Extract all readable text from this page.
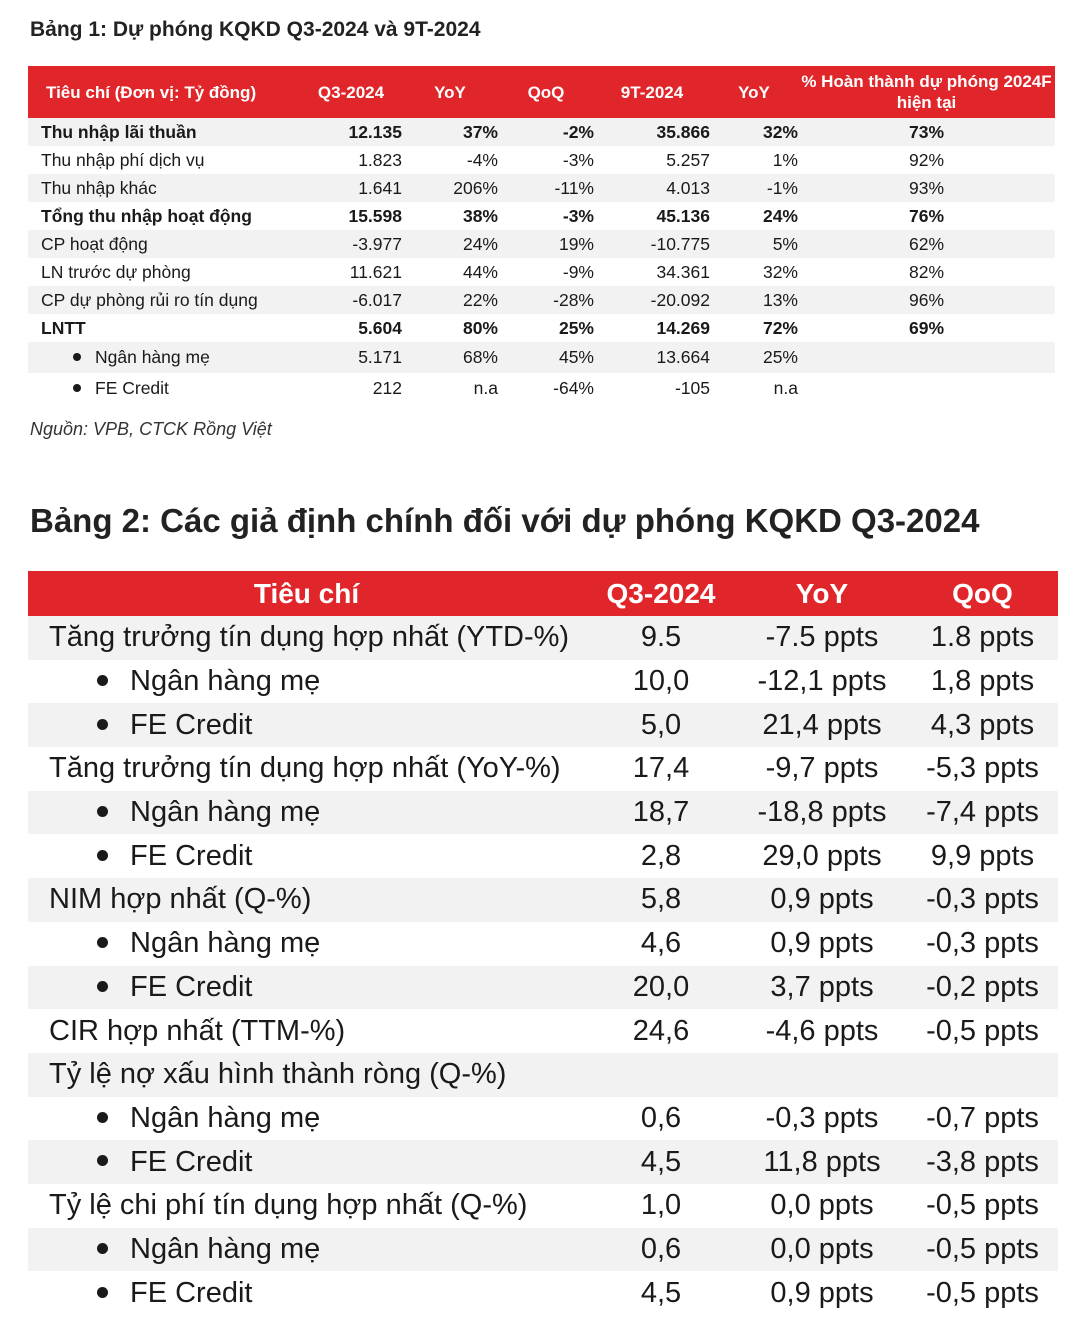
Bảng 1: Dự phóng KQKD Q3-2024 và 9T-2024
Tiêu chí (Đơn vị: Tỷ đồng)	Q3-2024	YoY	QoQ	9T-2024	YoY	% Hoàn thành dự phóng 2024F hiện tại
Thu nhập lãi thuần	12.135	37%	-2%	35.866	32%	73%
Thu nhập phí dịch vụ	1.823	-4%	-3%	5.257	1%	92%
Thu nhập khác	1.641	206%	-11%	4.013	-1%	93%
Tổng thu nhập hoạt động	15.598	38%	-3%	45.136	24%	76%
CP hoạt động	-3.977	24%	19%	-10.775	5%	62%
LN trước dự phòng	11.621	44%	-9%	34.361	32%	82%
CP dự phòng rủi ro tín dụng	-6.017	22%	-28%	-20.092	13%	96%
LNTT	5.604	80%	25%	14.269	72%	69%
Ngân hàng mẹ	5.171	68%	45%	13.664	25%	
FE Credit	212	n.a	-64%	-105	n.a	
Nguồn: VPB, CTCK Rồng Việt
Bảng 2: Các giả định chính đối với dự phóng KQKD Q3-2024
Tiêu chí	Q3-2024	YoY	QoQ
Tăng trưởng tín dụng hợp nhất (YTD-%)	9.5	-7.5 ppts	1.8 ppts
Ngân hàng mẹ	10,0	-12,1 ppts	1,8 ppts
FE Credit	5,0	21,4 ppts	4,3 ppts
Tăng trưởng tín dụng hợp nhất (YoY-%)	17,4	-9,7 ppts	-5,3 ppts
Ngân hàng mẹ	18,7	-18,8 ppts	-7,4 ppts
FE Credit	2,8	29,0 ppts	9,9 ppts
NIM hợp nhất (Q-%)	5,8	0,9 ppts	-0,3 ppts
Ngân hàng mẹ	4,6	0,9 ppts	-0,3 ppts
FE Credit	20,0	3,7 ppts	-0,2 ppts
CIR hợp nhất (TTM-%)	24,6	-4,6 ppts	-0,5 ppts
Tỷ lệ nợ xấu hình thành ròng (Q-%)			
Ngân hàng mẹ	0,6	-0,3 ppts	-0,7 ppts
FE Credit	4,5	11,8 ppts	-3,8 ppts
Tỷ lệ chi phí tín dụng hợp nhất (Q-%)	1,0	0,0 ppts	-0,5 ppts
Ngân hàng mẹ	0,6	0,0 ppts	-0,5 ppts
FE Credit	4,5	0,9 ppts	-0,5 ppts
